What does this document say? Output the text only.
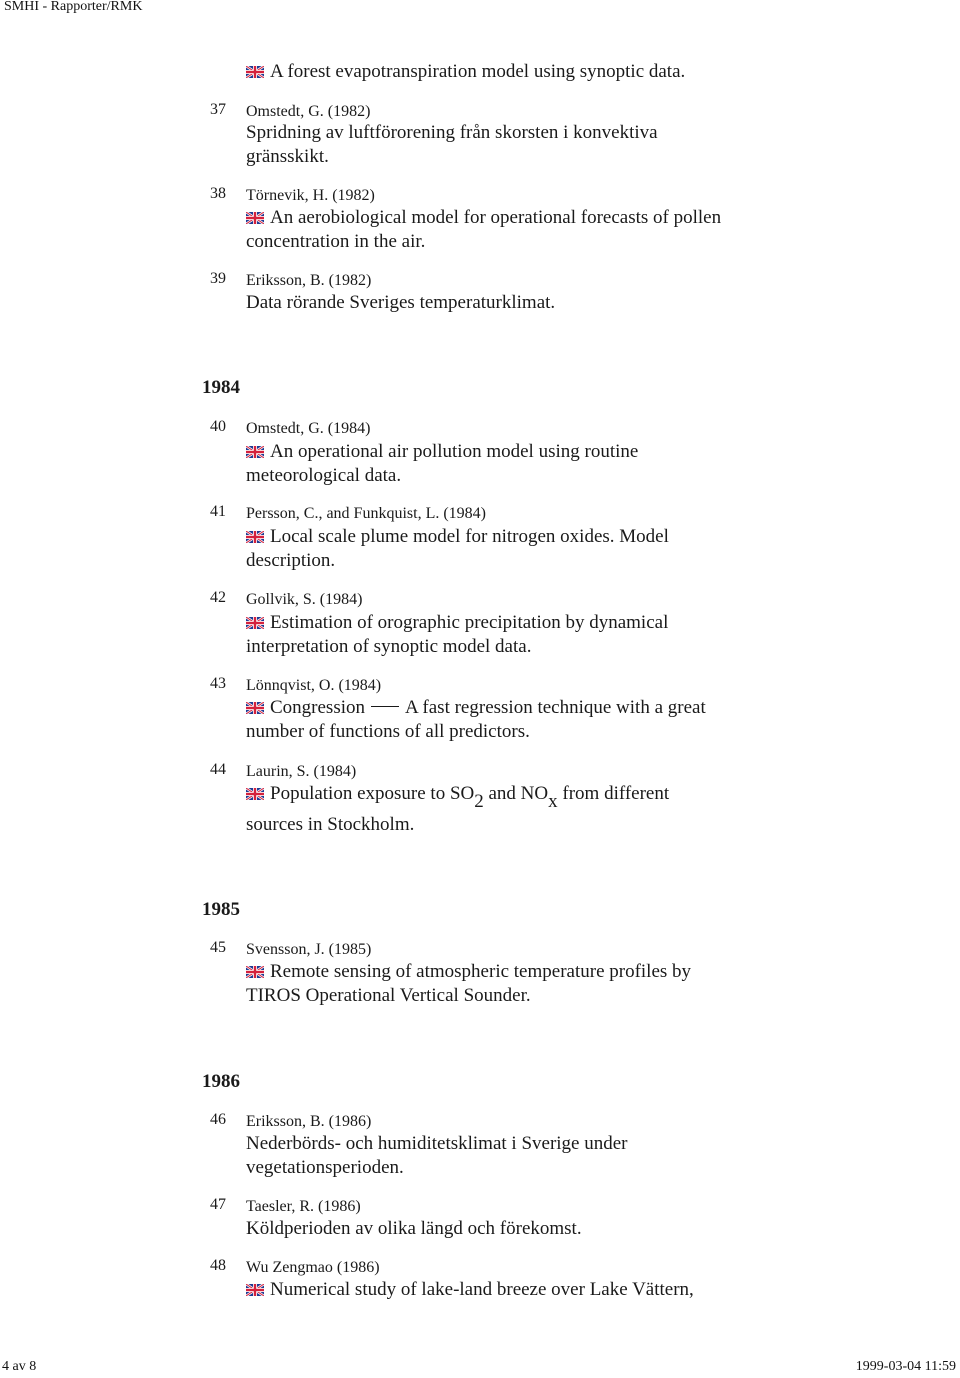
SMHI - Rapporter/RMK
A forest evapotranspiration model using synoptic data.
37	Omstedt, G. (1982)
Spridning av luftförorening från skorsten i konvektiva
gränsskikt.
38	Törnevik, H. (1982)
An aerobiological model for operational forecasts of pollen
concentration in the air.
39	Eriksson, B. (1982)
Data rörande Sveriges temperaturklimat.
1984
40	Omstedt, G. (1984)
An operational air pollution model using routine
meteorological data.
41	Persson, C., and Funkquist, L. (1984)
Local scale plume model for nitrogen oxides. Model
description.
42	Gollvik, S. (1984)
Estimation of orographic precipitation by dynamical
interpretation of synoptic model data.
43	Lönnqvist, O. (1984)
Congression A fast regression technique with a great
number of functions of all predictors.
44	Laurin, S. (1984)
Population exposure to $SO_2$ and $NO_x$ from different
sources in Stockholm.
1985
45	Svensson, J. (1985)
Remote sensing of atmospheric temperature profiles by
TIROS Operational Vertical Sounder.
1986
46	Eriksson, B. (1986)
Nederbörds- och humiditetsklimat i Sverige under
vegetationsperioden.
47	Taesler, R. (1986)
Köldperioden av olika längd och förekomst.
48	Wu Zengmao (1986)
Numerical study of lake-land breeze over Lake Vättern,
4 av 8	1999-03-04 11:59
